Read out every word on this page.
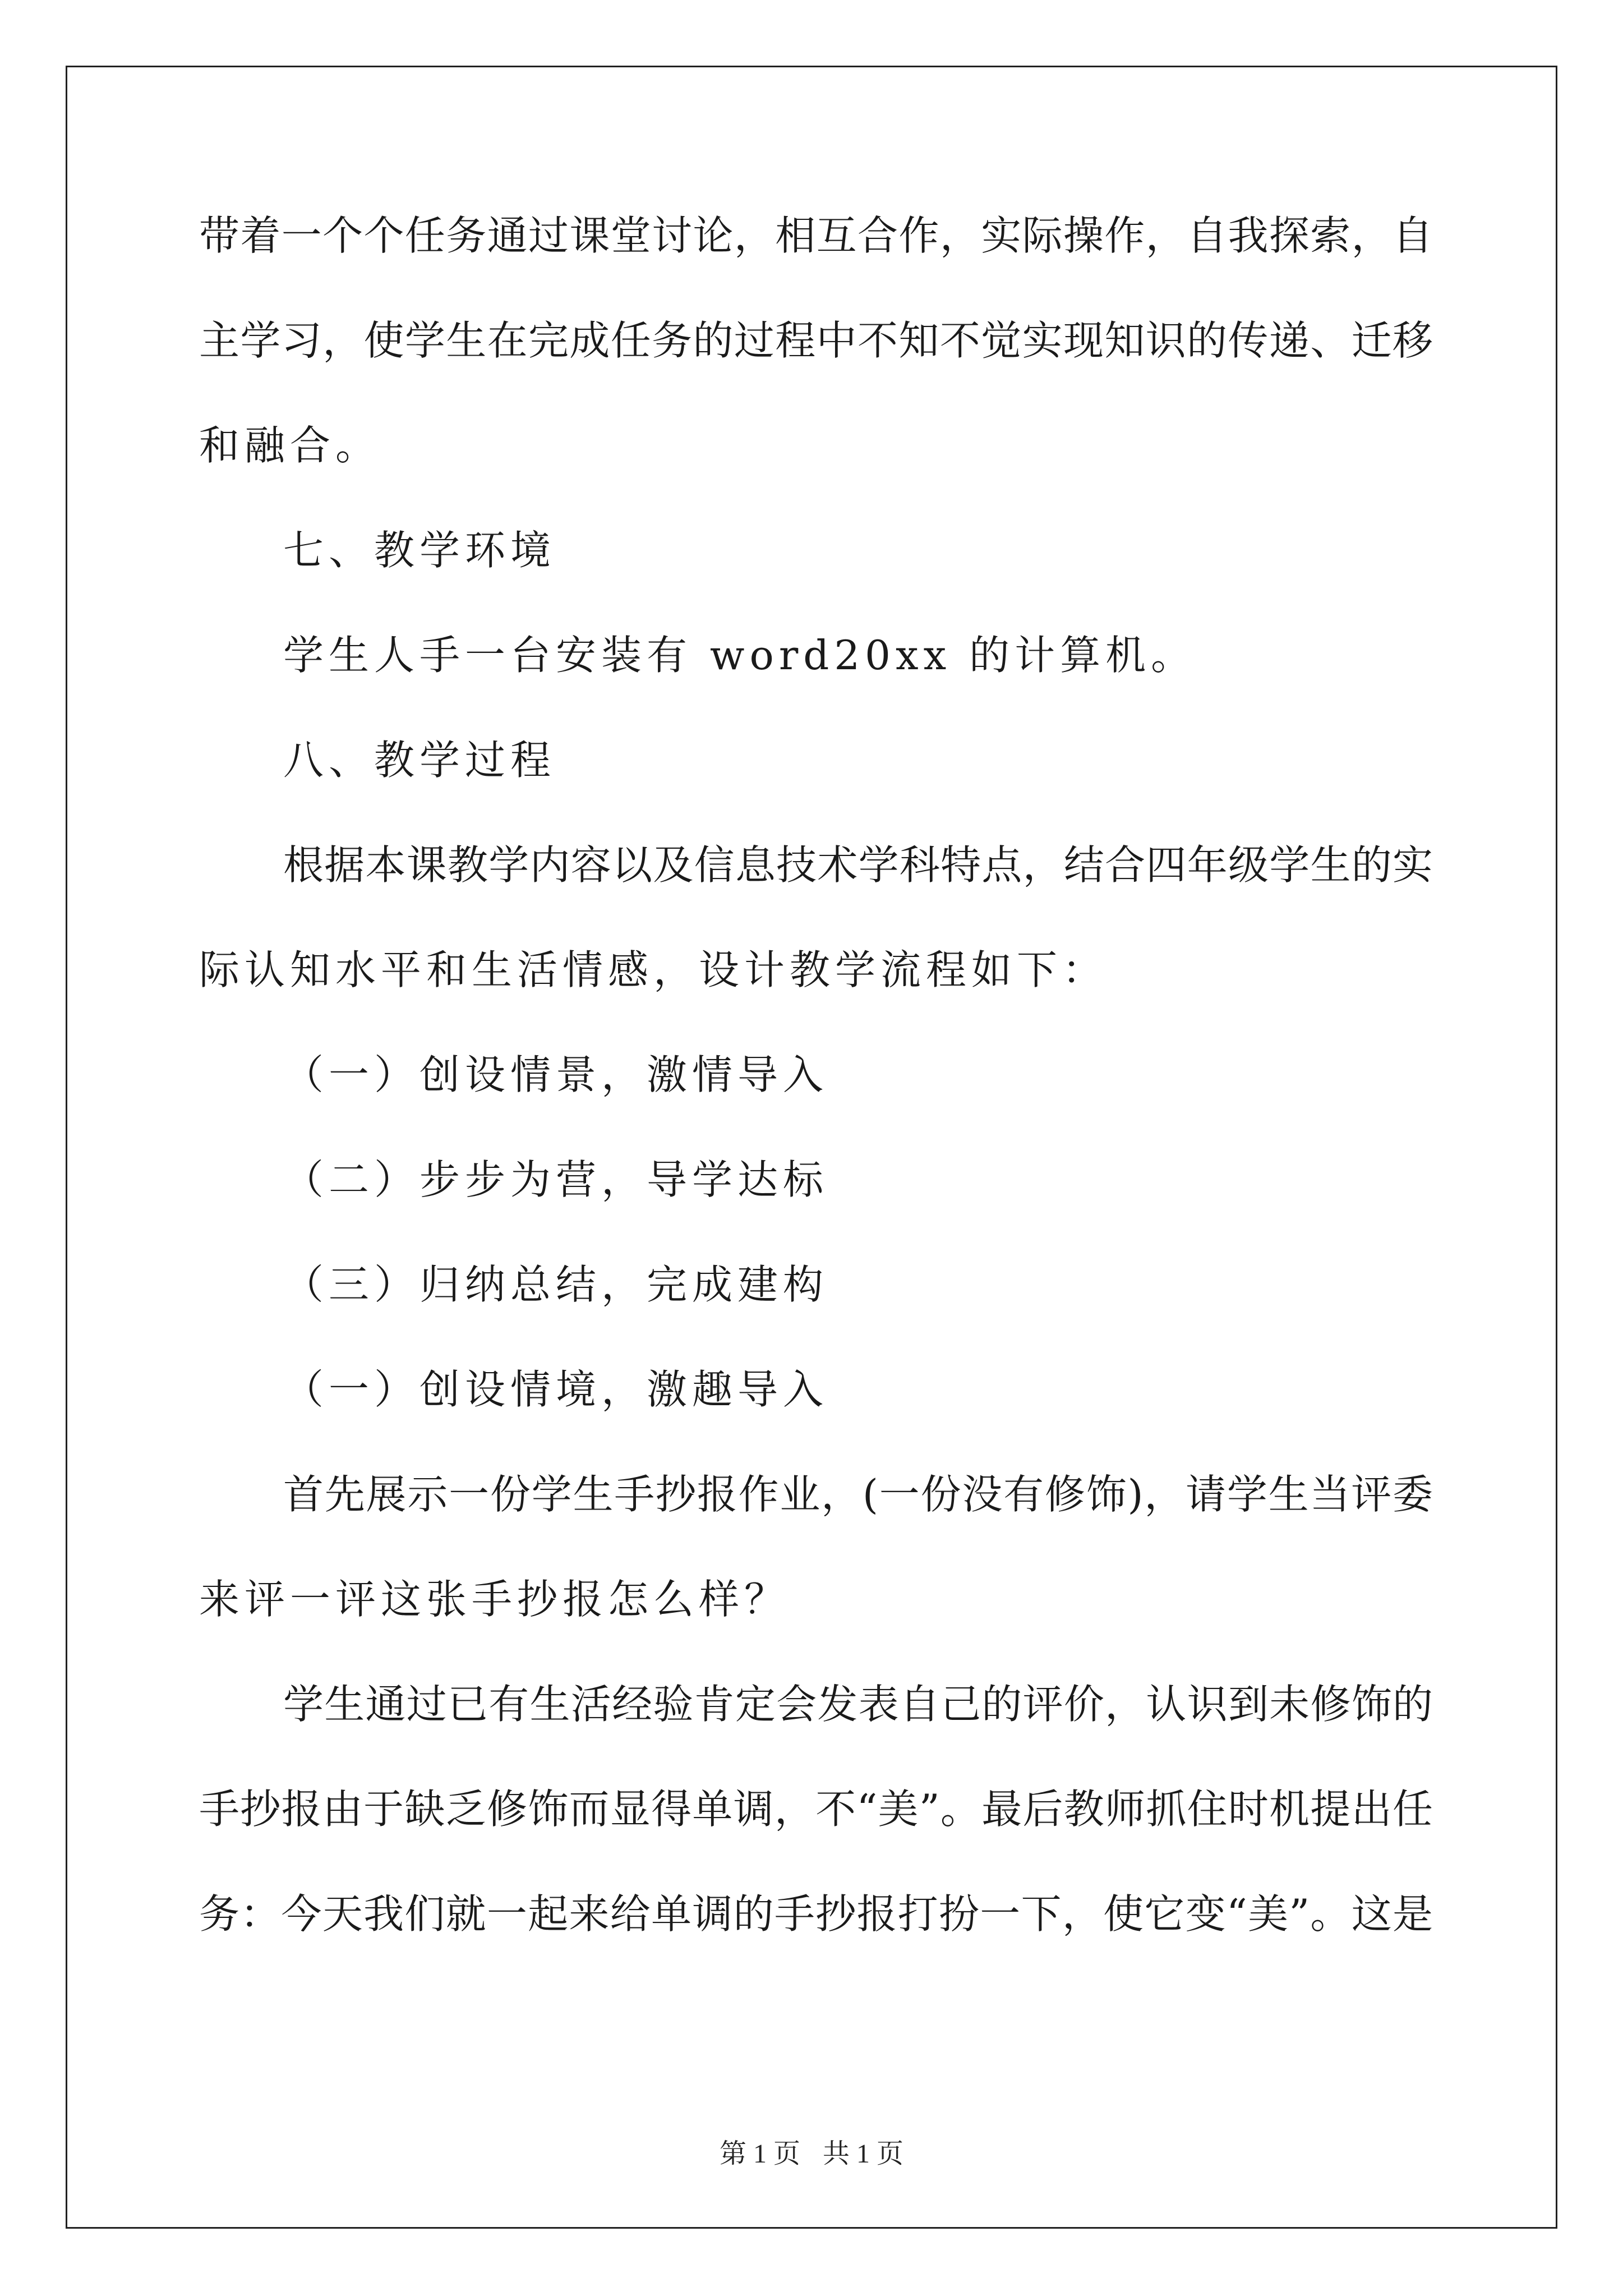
带着一个个任务通过课堂讨论，相互合作，实际操作，自我探索，自
主学习，使学生在完成任务的过程中不知不觉实现知识的传递、迁移
和融合。
七、教学环境
学生人手一台安装有 word20xx 的计算机。
八、教学过程
根据本课教学内容以及信息技术学科特点，结合四年级学生的实
际认知水平和生活情感，设计教学流程如下：
（一）创设情景，激情导入
（二）步步为营，导学达标
（三）归纳总结，完成建构
（一）创设情境，激趣导入
首先展示一份学生手抄报作业，(一份没有修饰)，请学生当评委
来评一评这张手抄报怎么样？
学生通过已有生活经验肯定会发表自己的评价，认识到未修饰的
手抄报由于缺乏修饰而显得单调，不“美”。最后教师抓住时机提出任
务：今天我们就一起来给单调的手抄报打扮一下，使它变“美”。这是
第 1 页 共 1 页
